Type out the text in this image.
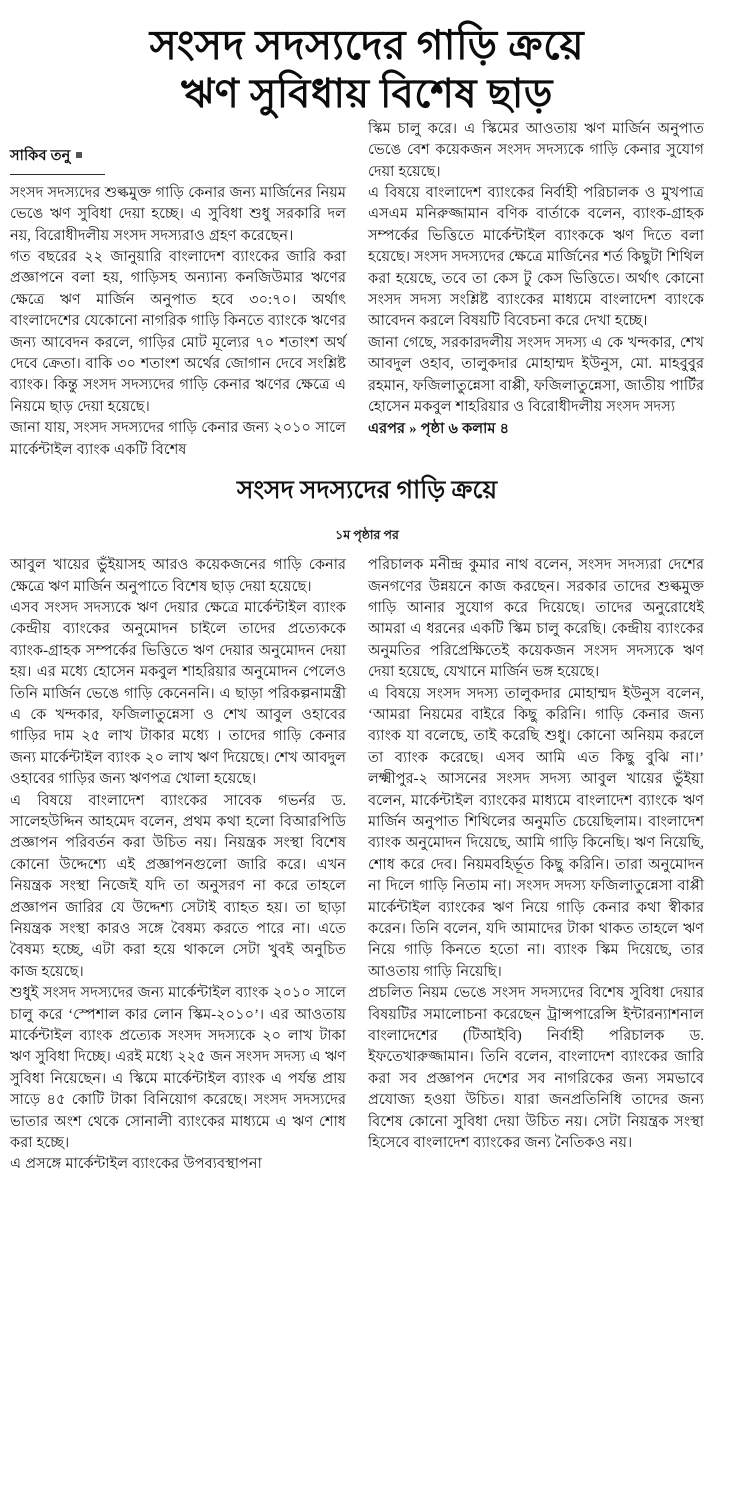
সংসদ সদস্যদের গাড়ি ক্রয়ে
ঋণ সুবিধায় বিশেষ ছাড়
সাকিব তনু

সংসদ সদস্যদের শুল্কমুক্ত গাড়ি কেনার জন্য মার্জিনের নিয়ম ভেঙে ঋণ সুবিধা দেয়া হচ্ছে। এ সুবিধা শুধু সরকারি দল নয়, বিরোধীদলীয় সংসদ সদস্যরাও গ্রহণ করেছেন।

গত বছরের ২২ জানুয়ারি বাংলাদেশ ব্যাংকের জারি করা প্রজ্ঞাপনে বলা হয়, গাড়িসহ অন্যান্য কনজিউমার ঋণের ক্ষেত্রে ঋণ মার্জিন অনুপাত হবে ৩০:৭০। অর্থাৎ বাংলাদেশের যেকোনো নাগরিক গাড়ি কিনতে ব্যাংকে ঋণের জন্য আবেদন করলে, গাড়ির মোট মূল্যের ৭০ শতাংশ অর্থ দেবে ক্রেতা। বাকি ৩০ শতাংশ অর্থের জোগান দেবে সংশ্লিষ্ট ব্যাংক। কিন্তু সংসদ সদস্যদের গাড়ি কেনার ঋণের ক্ষেত্রে এ নিয়মে ছাড় দেয়া হয়েছে।

জানা যায়, সংসদ সদস্যদের গাড়ি কেনার জন্য ২০১০ সালে মার্কেন্টাইল ব্যাংক একটি বিশেষ

স্কিম চালু করে। এ স্কিমের আওতায় ঋণ মার্জিন অনুপাত ভেঙে বেশ কয়েকজন সংসদ সদস্যকে গাড়ি কেনার সুযোগ দেয়া হয়েছে।

এ বিষয়ে বাংলাদেশ ব্যাংকের নির্বাহী পরিচালক ও মুখপাত্র এসএম মনিরুজ্জামান বণিক বার্তাকে বলেন, ব্যাংক-গ্রাহক সম্পর্কের ভিত্তিতে মার্কেন্টাইল ব্যাংককে ঋণ দিতে বলা হয়েছে। সংসদ সদস্যদের ক্ষেত্রে মার্জিনের শর্ত কিছুটা শিথিল করা হয়েছে, তবে তা কেস টু কেস ভিত্তিতে। অর্থাৎ কোনো সংসদ সদস্য সংশ্লিষ্ট ব্যাংকের মাধ্যমে বাংলাদেশ ব্যাংকে আবেদন করলে বিষয়টি বিবেচনা করে দেখা হচ্ছে।

জানা গেছে, সরকারদলীয় সংসদ সদস্য এ কে খন্দকার, শেখ আবদুল ওহাব, তালুকদার মোহাম্মদ ইউনুস, মো. মাহবুবুর রহমান, ফজিলাতুন্নেসা বাপ্পী, ফজিলাতুন্নেসা, জাতীয় পার্টির হোসেন মকবুল শাহরিয়ার ও বিরোধীদলীয় সংসদ সদস্য

এরপর » পৃষ্ঠা ৬ কলাম ৪

সংসদ সদস্যদের গাড়ি ক্রয়ে
১ম পৃষ্ঠার পর

আবুল খায়ের ভুঁইয়াসহ আরও কয়েকজনের গাড়ি কেনার ক্ষেত্রে ঋণ মার্জিন অনুপাতে বিশেষ ছাড় দেয়া হয়েছে।

এসব সংসদ সদস্যকে ঋণ দেয়ার ক্ষেত্রে মার্কেন্টাইল ব্যাংক কেন্দ্রীয় ব্যাংকের অনুমোদন চাইলে তাদের প্রত্যেককে ব্যাংক-গ্রাহক সম্পর্কের ভিত্তিতে ঋণ দেয়ার অনুমোদন দেয়া হয়। এর মধ্যে হোসেন মকবুল শাহরিয়ার অনুমোদন পেলেও তিনি মার্জিন ভেঙে গাড়ি কেনেননি। এ ছাড়া পরিকল্পনামন্ত্রী এ কে খন্দকার, ফজিলাতুন্নেসা ও শেখ আবুল ওহাবের গাড়ির দাম ২৫ লাখ টাকার মধ্যে । তাদের গাড়ি কেনার জন্য মার্কেন্টাইল ব্যাংক ২০ লাখ ঋণ দিয়েছে। শেখ আবদুল ওহাবের গাড়ির জন্য ঋণপত্র খোলা হয়েছে।

এ বিষয়ে বাংলাদেশ ব্যাংকের সাবেক গভর্নর ড. সালেহউদ্দিন আহমেদ বলেন, প্রথম কথা হলো বিআরপিডি প্রজ্ঞাপন পরিবর্তন করা উচিত নয়। নিয়ন্ত্রক সংস্থা বিশেষ কোনো উদ্দেশ্যে এই প্রজ্ঞাপনগুলো জারি করে। এখন নিয়ন্ত্রক সংস্থা নিজেই যদি তা অনুসরণ না করে তাহলে প্রজ্ঞাপন জারির যে উদ্দেশ্য সেটাই ব্যাহত হয়। তা ছাড়া নিয়ন্ত্রক সংস্থা কারও সঙ্গে বৈষম্য করতে পারে না। এতে বৈষম্য হচ্ছে, এটা করা হয়ে থাকলে সেটা খুবই অনুচিত কাজ হয়েছে।

শুধুই সংসদ সদস্যদের জন্য মার্কেন্টাইল ব্যাংক ২০১০ সালে চালু করে ‘স্পেশাল কার লোন স্কিম-২০১০’। এর আওতায় মার্কেন্টাইল ব্যাংক প্রত্যেক সংসদ সদস্যকে ২০ লাখ টাকা ঋণ সুবিধা দিচ্ছে। এরই মধ্যে ২২৫ জন সংসদ সদস্য এ ঋণ সুবিধা নিয়েছেন। এ স্কিমে মার্কেন্টাইল ব্যাংক এ পর্যন্ত প্রায় সাড়ে ৪৫ কোটি টাকা বিনিয়োগ করেছে। সংসদ সদস্যদের ভাতার অংশ থেকে সোনালী ব্যাংকের মাধ্যমে এ ঋণ শোধ করা হচ্ছে।

এ প্রসঙ্গে মার্কেন্টাইল ব্যাংকের উপব্যবস্থাপনা

পরিচালক মনীন্দ্র কুমার নাথ বলেন, সংসদ সদস্যরা দেশের জনগণের উন্নয়নে কাজ করছেন। সরকার তাদের শুল্কমুক্ত গাড়ি আনার সুযোগ করে দিয়েছে। তাদের অনুরোধেই আমরা এ ধরনের একটি স্কিম চালু করেছি। কেন্দ্রীয় ব্যাংকের অনুমতির পরিপ্রেক্ষিতেই কয়েকজন সংসদ সদস্যকে ঋণ দেয়া হয়েছে, যেখানে মার্জিন ভঙ্গ হয়েছে।

এ বিষয়ে সংসদ সদস্য তালুকদার মোহাম্মদ ইউনুস বলেন, ‘আমরা নিয়মের বাইরে কিছু করিনি। গাড়ি কেনার জন্য ব্যাংক যা বলেছে, তাই করেছি শুধু। কোনো অনিয়ম করলে তা ব্যাংক করেছে। এসব আমি এত কিছু বুঝি না।’ লক্ষ্মীপুর-২ আসনের সংসদ সদস্য আবুল খায়ের ভুঁইয়া বলেন, মার্কেন্টাইল ব্যাংকের মাধ্যমে বাংলাদেশ ব্যাংকে ঋণ মার্জিন অনুপাত শিথিলের অনুমতি চেয়েছিলাম। বাংলাদেশ ব্যাংক অনুমোদন দিয়েছে, আমি গাড়ি কিনেছি। ঋণ নিয়েছি, শোধ করে দেব। নিয়মবহির্ভূত কিছু করিনি। তারা অনুমোদন না দিলে গাড়ি নিতাম না। সংসদ সদস্য ফজিলাতুন্নেসা বাপ্পী মার্কেন্টাইল ব্যাংকের ঋণ নিয়ে গাড়ি কেনার কথা স্বীকার করেন। তিনি বলেন, যদি আমাদের টাকা থাকত তাহলে ঋণ নিয়ে গাড়ি কিনতে হতো না। ব্যাংক স্কিম দিয়েছে, তার আওতায় গাড়ি নিয়েছি।

প্রচলিত নিয়ম ভেঙে সংসদ সদস্যদের বিশেষ সুবিধা দেয়ার বিষয়টির সমালোচনা করেছেন ট্রান্সপারেন্সি ইন্টারন্যাশনাল বাংলাদেশের (টিআইবি) নির্বাহী পরিচালক ড. ইফতেখারুজ্জামান। তিনি বলেন, বাংলাদেশ ব্যাংকের জারি করা সব প্রজ্ঞাপন দেশের সব নাগরিকের জন্য সমভাবে প্রযোজ্য হওয়া উচিত। যারা জনপ্রতিনিধি তাদের জন্য বিশেষ কোনো সুবিধা দেয়া উচিত নয়। সেটা নিয়ন্ত্রক সংস্থা হিসেবে বাংলাদেশ ব্যাংকের জন্য নৈতিকও নয়।
